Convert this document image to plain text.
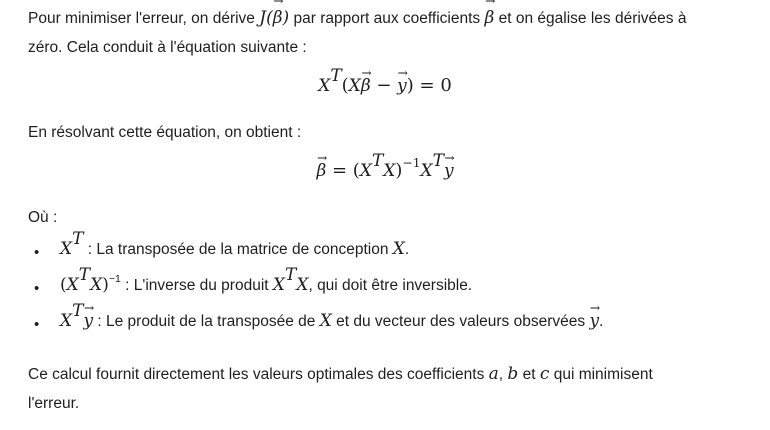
Pour minimiser l'erreur, on dérive J(→ β) par rapport aux coefficients → β et on égalise les dérivées à
zéro. Cela conduit à l'équation suivante :
$X^T(X\to \beta$ − → y) = 0
En résolvant cette équation, on obtient :
→ $\beta = (X^TX)^{-1}X^T\to y$
Où :
• $X^T$ : La transposée de la matrice de conception X.
• $(X^TX)^{-1}$ : L'inverse du produit $X^TX$, qui doit être inversible.
• $X^T\to y$ : Le produit de la transposée de X et du vecteur des valeurs observées → y.
Ce calcul fournit directement les valeurs optimales des coefficients a, b et c qui minimisent
l'erreur.
